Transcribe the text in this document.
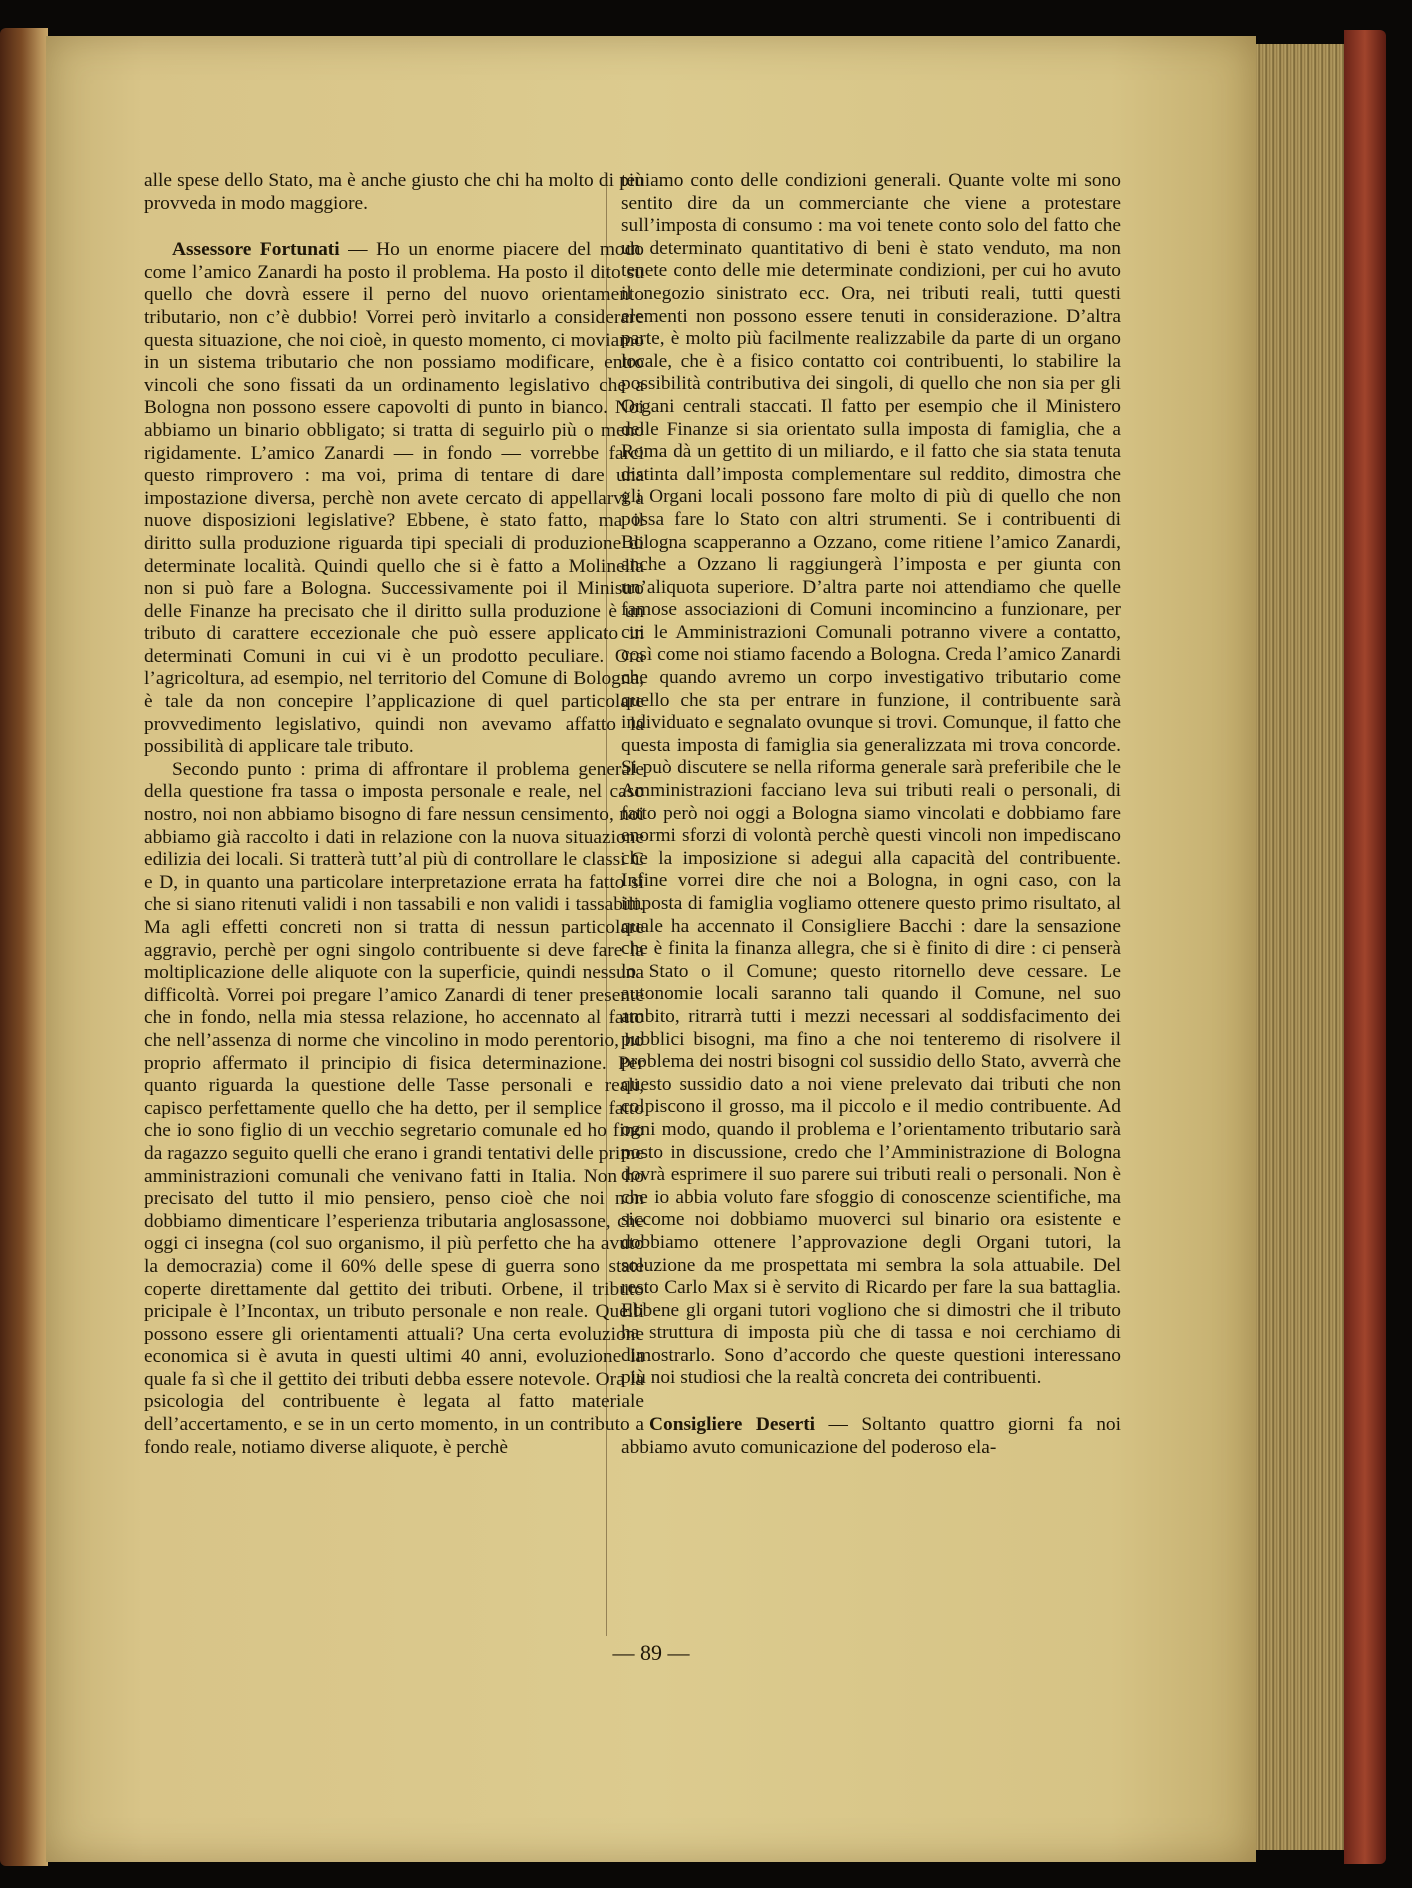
alle spese dello Stato, ma è anche giusto che chi ha molto di più provveda in modo maggiore.

Assessore Fortunati — Ho un enorme piacere del modo come l’amico Zanardi ha posto il problema. Ha posto il dito su quello che dovrà essere il perno del nuovo orientamento tributario, non c’è dubbio! Vorrei però invitarlo a considerare questa situazione, che noi cioè, in questo momento, ci moviamo in un sistema tributario che non possiamo modificare, entro vincoli che sono fissati da un ordinamento legislativo che a Bologna non possono essere capovolti di punto in bianco. Noi abbiamo un binario obbligato; si tratta di seguirlo più o meno rigidamente. L’amico Zanardi — in fondo — vorrebbe farci questo rimprovero : ma voi, prima di tentare di dare una impostazione diversa, perchè non avete cercato di appellarvi a nuove disposizioni legislative? Ebbene, è stato fatto, ma il diritto sulla produzione riguarda tipi speciali di produzione di determinate località. Quindi quello che si è fatto a Molinella non si può fare a Bologna. Successivamente poi il Ministro delle Finanze ha precisato che il diritto sulla produzione è un tributo di carattere eccezionale che può essere applicato in determinati Comuni in cui vi è un prodotto peculiare. Ora l’agricoltura, ad esempio, nel territorio del Comune di Bologna, è tale da non concepire l’applicazione di quel particolare provvedimento legislativo, quindi non avevamo affatto la possibilità di applicare tale tributo.

Secondo punto : prima di affrontare il problema generale della questione fra tassa o imposta personale e reale, nel caso nostro, noi non abbiamo bisogno di fare nessun censimento, noi abbiamo già raccolto i dati in relazione con la nuova situazione edilizia dei locali. Si tratterà tutt’al più di controllare le classi C e D, in quanto una particolare interpretazione errata ha fatto sì che si siano ritenuti validi i non tassabili e non validi i tassabili. Ma agli effetti concreti non si tratta di nessun particolare aggravio, perchè per ogni singolo contribuente si deve fare la moltiplicazione delle aliquote con la superficie, quindi nessuna difficoltà. Vorrei poi pregare l’amico Zanardi di tener presente che in fondo, nella mia stessa relazione, ho accennato al fatto che nell’assenza di norme che vincolino in modo perentorio, ho proprio affermato il principio di fisica determinazione. Per quanto riguarda la questione delle Tasse personali e reali, capisco perfettamente quello che ha detto, per il semplice fatto che io sono figlio di un vecchio segretario comunale ed ho fino da ragazzo seguito quelli che erano i grandi tentativi delle prime amministrazioni comunali che venivano fatti in Italia. Non ho precisato del tutto il mio pensiero, penso cioè che noi non dobbiamo dimenticare l’esperienza tributaria anglosassone, che oggi ci insegna (col suo organismo, il più perfetto che ha avuto la democrazia) come il 60% delle spese di guerra sono state coperte direttamente dal gettito dei tributi. Orbene, il tributo pricipale è l’Incontax, un tributo personale e non reale. Quelli possono essere gli orientamenti attuali? Una certa evoluzione economica si è avuta in questi ultimi 40 anni, evoluzione la quale fa sì che il gettito dei tributi debba essere notevole. Ora la psicologia del contribuente è legata al fatto materiale dell’accertamento, e se in un certo momento, in un contributo a fondo reale, notiamo diverse aliquote, è perchè

teniamo conto delle condizioni generali. Quante volte mi sono sentito dire da un commerciante che viene a protestare sull’imposta di consumo : ma voi tenete conto solo del fatto che un determinato quantitativo di beni è stato venduto, ma non tenete conto delle mie determinate condizioni, per cui ho avuto il negozio sinistrato ecc. Ora, nei tributi reali, tutti questi elementi non possono essere tenuti in considerazione. D’altra parte, è molto più facilmente realizzabile da parte di un organo locale, che è a fisico contatto coi contribuenti, lo stabilire la possibilità contributiva dei singoli, di quello che non sia per gli Organi centrali staccati. Il fatto per esempio che il Ministero delle Finanze si sia orientato sulla imposta di famiglia, che a Roma dà un gettito di un miliardo, e il fatto che sia stata tenuta distinta dall’imposta complementare sul reddito, dimostra che gli Organi locali possono fare molto di più di quello che non possa fare lo Stato con altri strumenti. Se i contribuenti di Bologna scapperanno a Ozzano, come ritiene l’amico Zanardi, anche a Ozzano li raggiungerà l’imposta e per giunta con un’aliquota superiore. D’altra parte noi attendiamo che quelle famose associazioni di Comuni incomincino a funzionare, per cui le Amministrazioni Comunali potranno vivere a contatto, così come noi stiamo facendo a Bologna. Creda l’amico Zanardi che quando avremo un corpo investigativo tributario come quello che sta per entrare in funzione, il contribuente sarà individuato e segnalato ovunque si trovi. Comunque, il fatto che questa imposta di famiglia sia generalizzata mi trova concorde. Si può discutere se nella riforma generale sarà preferibile che le Amministrazioni facciano leva sui tributi reali o personali, di fatto però noi oggi a Bologna siamo vincolati e dobbiamo fare enormi sforzi di volontà perchè questi vincoli non impediscano che la imposizione si adegui alla capacità del contribuente. Infine vorrei dire che noi a Bologna, in ogni caso, con la imposta di famiglia vogliamo ottenere questo primo risultato, al quale ha accennato il Consigliere Bacchi : dare la sensazione che è finita la finanza allegra, che si è finito di dire : ci penserà lo Stato o il Comune; questo ritornello deve cessare. Le autonomie locali saranno tali quando il Comune, nel suo ambito, ritrarrà tutti i mezzi necessari al soddisfacimento dei pubblici bisogni, ma fino a che noi tenteremo di risolvere il problema dei nostri bisogni col sussidio dello Stato, avverrà che questo sussidio dato a noi viene prelevato dai tributi che non colpiscono il grosso, ma il piccolo e il medio contribuente. Ad ogni modo, quando il problema e l’orientamento tributario sarà posto in discussione, credo che l’Amministrazione di Bologna dovrà esprimere il suo parere sui tributi reali o personali. Non è che io abbia voluto fare sfoggio di conoscenze scientifiche, ma siccome noi dobbiamo muoverci sul binario ora esistente e dobbiamo ottenere l’approvazione degli Organi tutori, la soluzione da me prospettata mi sembra la sola attuabile. Del resto Carlo Max si è servito di Ricardo per fare la sua battaglia. Ebbene gli organi tutori vogliono che si dimostri che il tributo ha struttura di imposta più che di tassa e noi cerchiamo di dimostrarlo. Sono d’accordo che queste questioni interessano più noi studiosi che la realtà concreta dei contribuenti.

Consigliere Deserti — Soltanto quattro giorni fa noi abbiamo avuto comunicazione del poderoso ela-

— 89 —
